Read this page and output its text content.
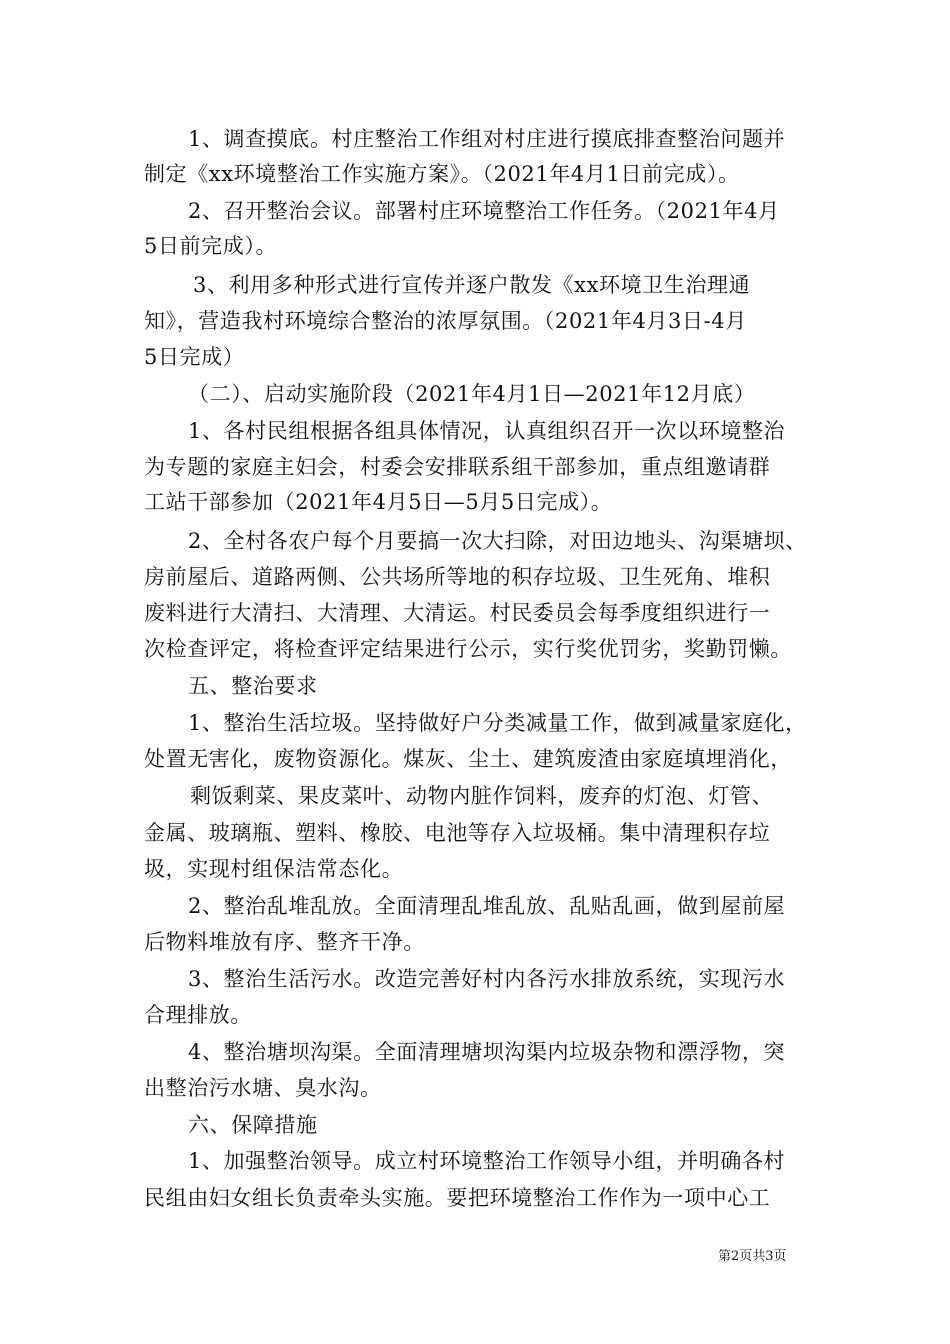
1、调查摸底。村庄整治工作组对村庄进行摸底排查整治问题并
制定《xx环境整治工作实施方案》。（2021年4月1日前完成）。
2、召开整治会议。部署村庄环境整治工作任务。（2021年4月
5日前完成）。
3、利用多种形式进行宣传并逐户散发《xx环境卫生治理通
知》，营造我村环境综合整治的浓厚氛围。（2021年4月3日-4月
5日完成）
（二）、启动实施阶段（2021年4月1日—2021年12月底）
1、各村民组根据各组具体情况，认真组织召开一次以环境整治
为专题的家庭主妇会，村委会安排联系组干部参加，重点组邀请群
工站干部参加（2021年4月5日—5月5日完成）。
2、全村各农户每个月要搞一次大扫除，对田边地头、沟渠塘坝、
房前屋后、道路两侧、公共场所等地的积存垃圾、卫生死角、堆积
废料进行大清扫、大清理、大清运。村民委员会每季度组织进行一
次检查评定，将检查评定结果进行公示，实行奖优罚劣，奖勤罚懒。
五、整治要求
1、整治生活垃圾。坚持做好户分类减量工作，做到减量家庭化，
处置无害化，废物资源化。煤灰、尘土、建筑废渣由家庭填埋消化，
剩饭剩菜、果皮菜叶、动物内脏作饲料，废弃的灯泡、灯管、
金属、玻璃瓶、塑料、橡胶、电池等存入垃圾桶。集中清理积存垃
圾，实现村组保洁常态化。
2、整治乱堆乱放。全面清理乱堆乱放、乱贴乱画，做到屋前屋
后物料堆放有序、整齐干净。
3、整治生活污水。改造完善好村内各污水排放系统，实现污水
合理排放。
4、整治塘坝沟渠。全面清理塘坝沟渠内垃圾杂物和漂浮物，突
出整治污水塘、臭水沟。
六、保障措施
1、加强整治领导。成立村环境整治工作领导小组，并明确各村
民组由妇女组长负责牵头实施。要把环境整治工作作为一项中心工
第2页共3页
